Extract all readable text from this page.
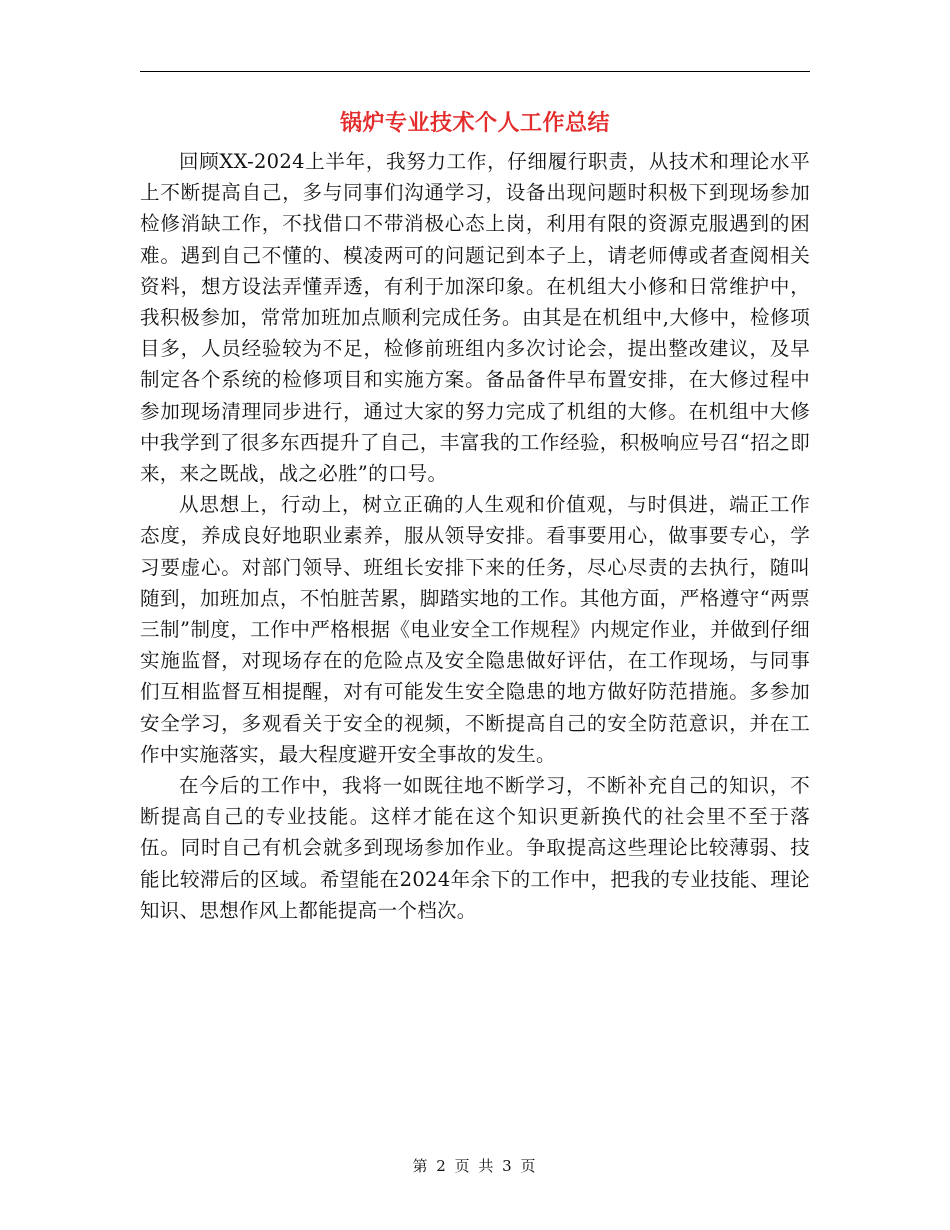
锅炉专业技术个人工作总结

回顾XX-2024上半年，我努力工作，仔细履行职责，从技术和理论水平上不断提高自己，多与同事们沟通学习，设备出现问题时积极下到现场参加检修消缺工作，不找借口不带消极心态上岗，利用有限的资源克服遇到的困难。遇到自己不懂的、模凌两可的问题记到本子上，请老师傅或者查阅相关资料，想方设法弄懂弄透，有利于加深印象。在机组大小修和日常维护中，我积极参加，常常加班加点顺利完成任务。由其是在机组中,大修中，检修项目多，人员经验较为不足，检修前班组内多次讨论会，提出整改建议，及早制定各个系统的检修项目和实施方案。备品备件早布置安排，在大修过程中参加现场清理同步进行，通过大家的努力完成了机组的大修。在机组中大修中我学到了很多东西提升了自己，丰富我的工作经验，积极响应号召“招之即来，来之既战，战之必胜”的口号。

从思想上，行动上，树立正确的人生观和价值观，与时俱进，端正工作态度，养成良好地职业素养，服从领导安排。看事要用心，做事要专心，学习要虚心。对部门领导、班组长安排下来的任务，尽心尽责的去执行，随叫随到，加班加点，不怕脏苦累，脚踏实地的工作。其他方面，严格遵守“两票三制”制度，工作中严格根据《电业安全工作规程》内规定作业，并做到仔细实施监督，对现场存在的危险点及安全隐患做好评估，在工作现场，与同事们互相监督互相提醒，对有可能发生安全隐患的地方做好防范措施。多参加安全学习，多观看关于安全的视频，不断提高自己的安全防范意识，并在工作中实施落实，最大程度避开安全事故的发生。

在今后的工作中，我将一如既往地不断学习，不断补充自己的知识，不断提高自己的专业技能。这样才能在这个知识更新换代的社会里不至于落伍。同时自己有机会就多到现场参加作业。争取提高这些理论比较薄弱、技能比较滞后的区域。希望能在2024年余下的工作中，把我的专业技能、理论知识、思想作风上都能提高一个档次。

第 2 页 共 3 页
